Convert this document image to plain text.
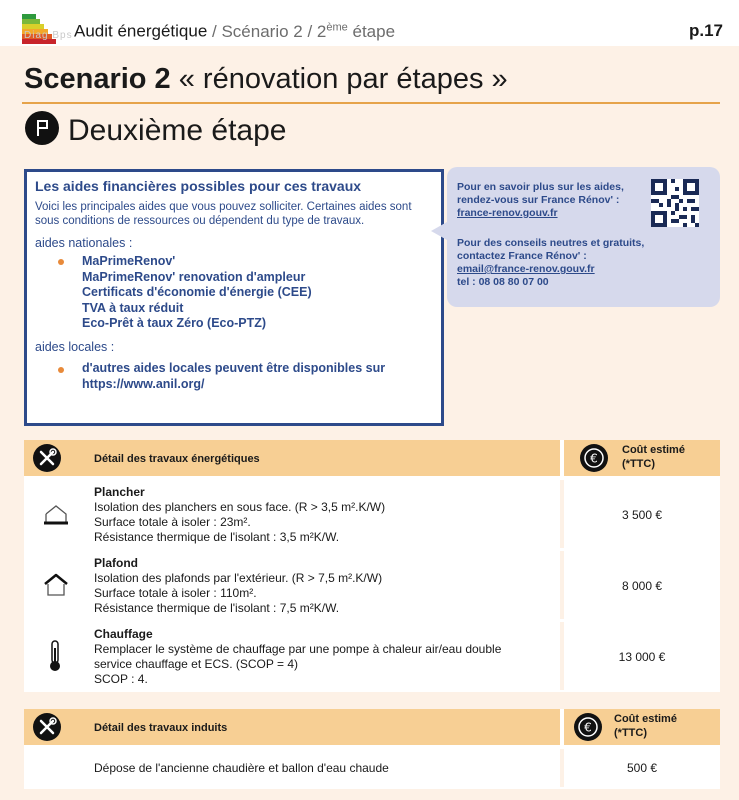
Diag Bps Audit énergétique / Scénario 2 / 2ème étape	p.17
Scenario 2 « rénovation par étapes »
Deuxième étape
Les aides financières possibles pour ces travaux
Voici les principales aides que vous pouvez solliciter. Certaines aides sont sous conditions de ressources ou dépendent du type de travaux.
aides nationales :
MaPrimeRenov'
MaPrimeRenov' renovation d'ampleur
Certificats d'économie d'énergie (CEE)
TVA à taux réduit
Eco-Prêt à taux Zéro (Eco-PTZ)
aides locales :
d'autres aides locales peuvent être disponibles sur
https://www.anil.org/
Pour en savoir plus sur les aides,
rendez-vous sur France Rénov' :
france-renov.gouv.fr
Pour des conseils neutres et gratuits,
contactez France Rénov' :
email@france-renov.gouv.fr
tel : 08 08 80 07 00
Détail des travaux énergétiques	€
Coût estimé
(*TTC)
Plancher
Isolation des planchers en sous face. (R > 3,5 m².K/W)
Surface totale à isoler : 23m².
Résistance thermique de l'isolant : 3,5 m²K/W.
3 500 €
Plafond
Isolation des plafonds par l'extérieur. (R > 7,5 m².K/W)
Surface totale à isoler : 110m².
Résistance thermique de l'isolant : 7,5 m²K/W.
8 000 €
Chauffage
Remplacer le système de chauffage par une pompe à chaleur air/eau double
service chauffage et ECS. (SCOP = 4)
SCOP : 4.
13 000 €
Détail des travaux induits	€
Coût estimé
(*TTC)
Dépose de l'ancienne chaudière et ballon d'eau chaude	500 €
